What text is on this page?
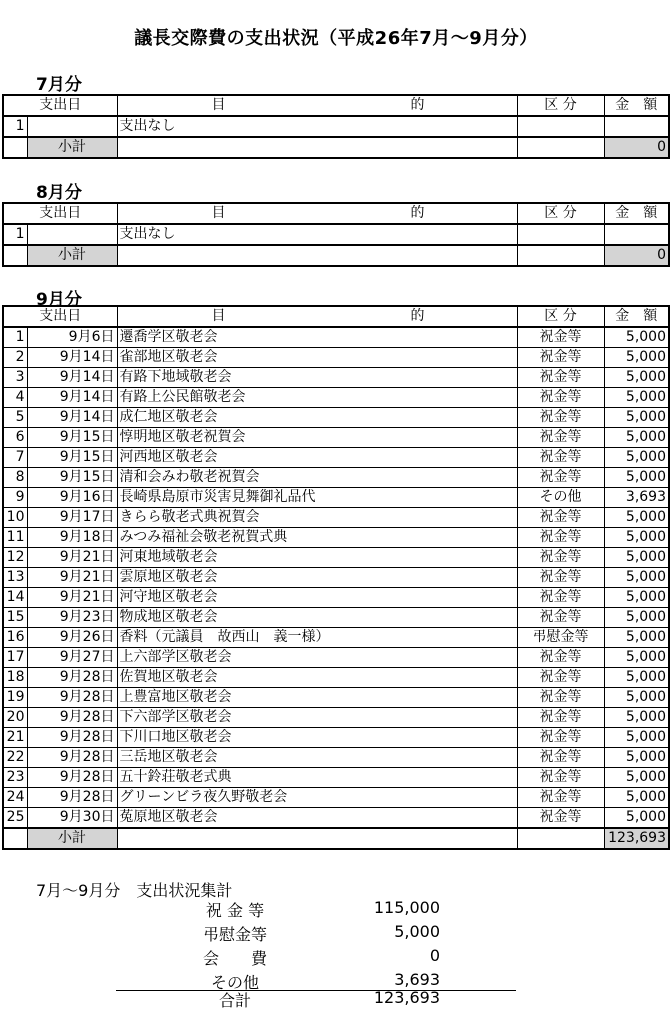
議長交際費の支出状況（平成26年7月～9月分）
7月分
支出日		目 的	区 分	金　額
1		支出なし		
	小計			0
8月分
支出日		目 的	区 分	金　額
1		支出なし		
	小計			0
9月分
支出日		目 的	区 分	金　額
1	9月6日	遷喬学区敬老会	祝金等	5,000
2	9月14日	雀部地区敬老会	祝金等	5,000
3	9月14日	有路下地域敬老会	祝金等	5,000
4	9月14日	有路上公民館敬老会	祝金等	5,000
5	9月14日	成仁地区敬老会	祝金等	5,000
6	9月15日	惇明地区敬老祝賀会	祝金等	5,000
7	9月15日	河西地区敬老会	祝金等	5,000
8	9月15日	清和会みわ敬老祝賀会	祝金等	5,000
9	9月16日	長崎県島原市災害見舞御礼品代	その他	3,693
10	9月17日	きらら敬老式典祝賀会	祝金等	5,000
11	9月18日	みつみ福祉会敬老祝賀式典	祝金等	5,000
12	9月21日	河東地域敬老会	祝金等	5,000
13	9月21日	雲原地区敬老会	祝金等	5,000
14	9月21日	河守地区敬老会	祝金等	5,000
15	9月23日	物成地区敬老会	祝金等	5,000
16	9月26日	香料（元議員　故西山　義一様）	弔慰金等	5,000
17	9月27日	上六部学区敬老会	祝金等	5,000
18	9月28日	佐賀地区敬老会	祝金等	5,000
19	9月28日	上豊富地区敬老会	祝金等	5,000
20	9月28日	下六部学区敬老会	祝金等	5,000
21	9月28日	下川口地区敬老会	祝金等	5,000
22	9月28日	三岳地区敬老会	祝金等	5,000
23	9月28日	五十鈴荘敬老式典	祝金等	5,000
24	9月28日	グリーンビラ夜久野敬老会	祝金等	5,000
25	9月30日	菟原地区敬老会	祝金等	5,000
	小計			123,693
7月～9月分　支出状況集計
祝 金 等	115,000
弔慰金等	5,000
会　　費	0
その他	3,693
合計	123,693
